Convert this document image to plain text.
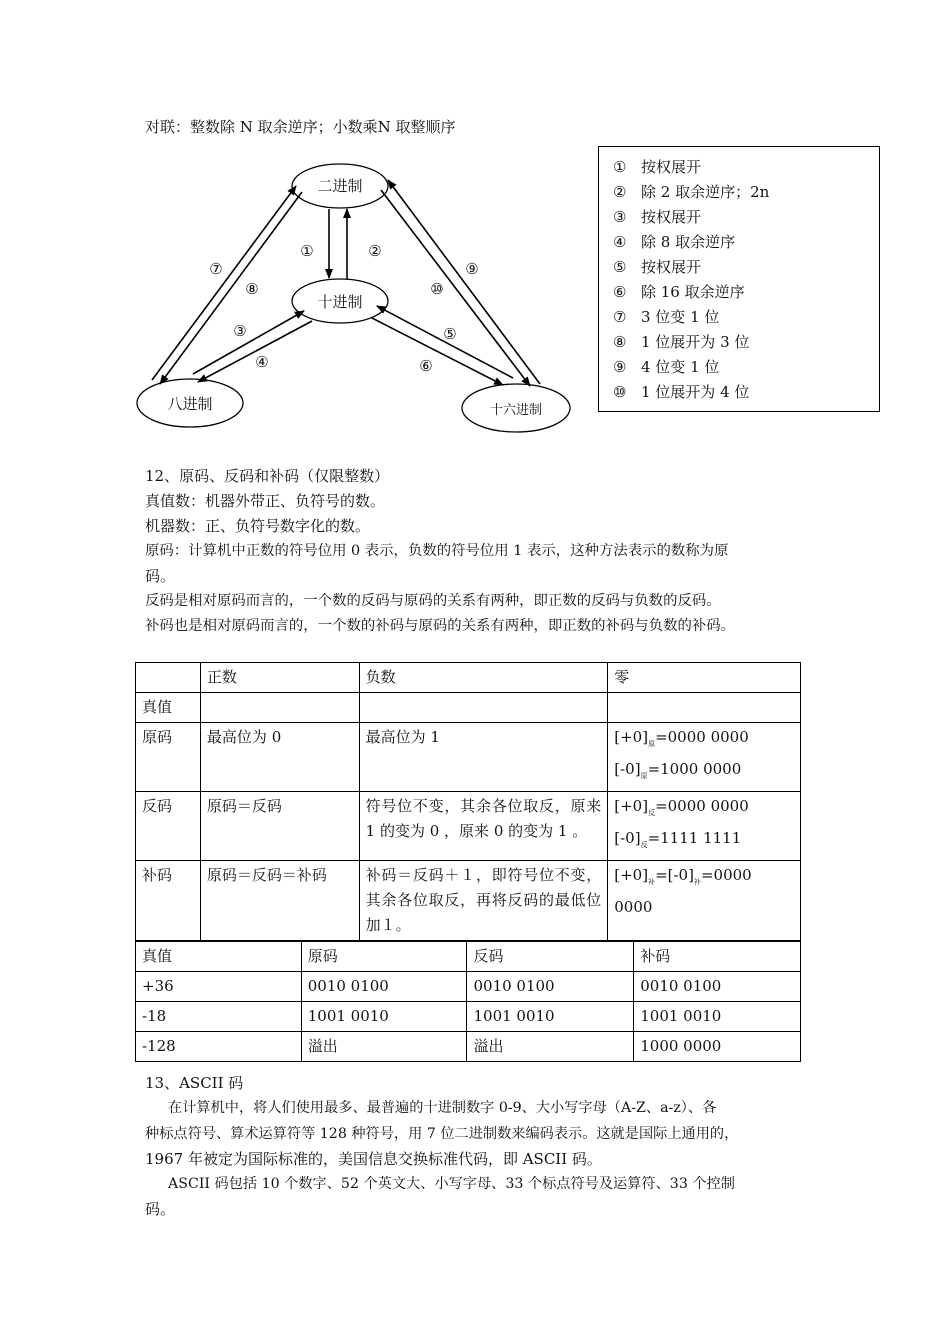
对联：整数除 N 取余逆序；小数乘N 取整顺序
二进制
十进制
八进制	十六进制
①	②
③
④
⑤
⑥
⑦
⑧
⑨
⑩
① 按权展开
② 除 2 取余逆序；2n
③ 按权展开
④ 除 8 取余逆序
⑤ 按权展开
⑥ 除 16 取余逆序
⑦ 3 位变 1 位
⑧ 1 位展开为 3 位
⑨ 4 位变 1 位
⑩ 1 位展开为 4 位
12、原码、反码和补码（仅限整数）
真值数：机器外带正、负符号的数。
机器数：正、负符号数字化的数。
原码：计算机中正数的符号位用 0 表示，负数的符号位用 1 表示，这种方法表示的数称为原
码。
反码是相对原码而言的，一个数的反码与原码的关系有两种，即正数的反码与负数的反码。
补码也是相对原码而言的，一个数的补码与原码的关系有两种，即正数的补码与负数的补码。
	正数	负数	零
真值			
原码	最高位为 0	最高位为 1	$[+0]_原=0000$ 0000
$[-0]_原=1000$ 0000

反码	原码＝反码	符号位不变，其余各位取反，原来 1 的变为 0 ，原来 0 的变为 1 。	$[+0]_反=0000$ 0000
$[-0]_反=1111$ 1111

补码	原码＝反码＝补码	补码＝反码＋１，即符号位不变，其余各位取反，再将反码的最低位加１。	$[+0]_补=[-0]_补=0000$ 0000
真值	原码	反码	补码
+36	0010 0100	0010 0100	0010 0100
-18	1001 0010	1001 0010	1001 0010
-128	溢出	溢出	1000 0000
13、ASCII 码
在计算机中，将人们使用最多、最普遍的十进制数字 0-9、大小写字母（A-Z、a-z）、各
种标点符号、算术运算符等 128 种符号，用 7 位二进制数来编码表示。这就是国际上通用的，
1967 年被定为国际标准的，美国信息交换标准代码，即 ASCII 码。
ASCII 码包括 10 个数字、52 个英文大、小写字母、33 个标点符号及运算符、33 个控制
码。
